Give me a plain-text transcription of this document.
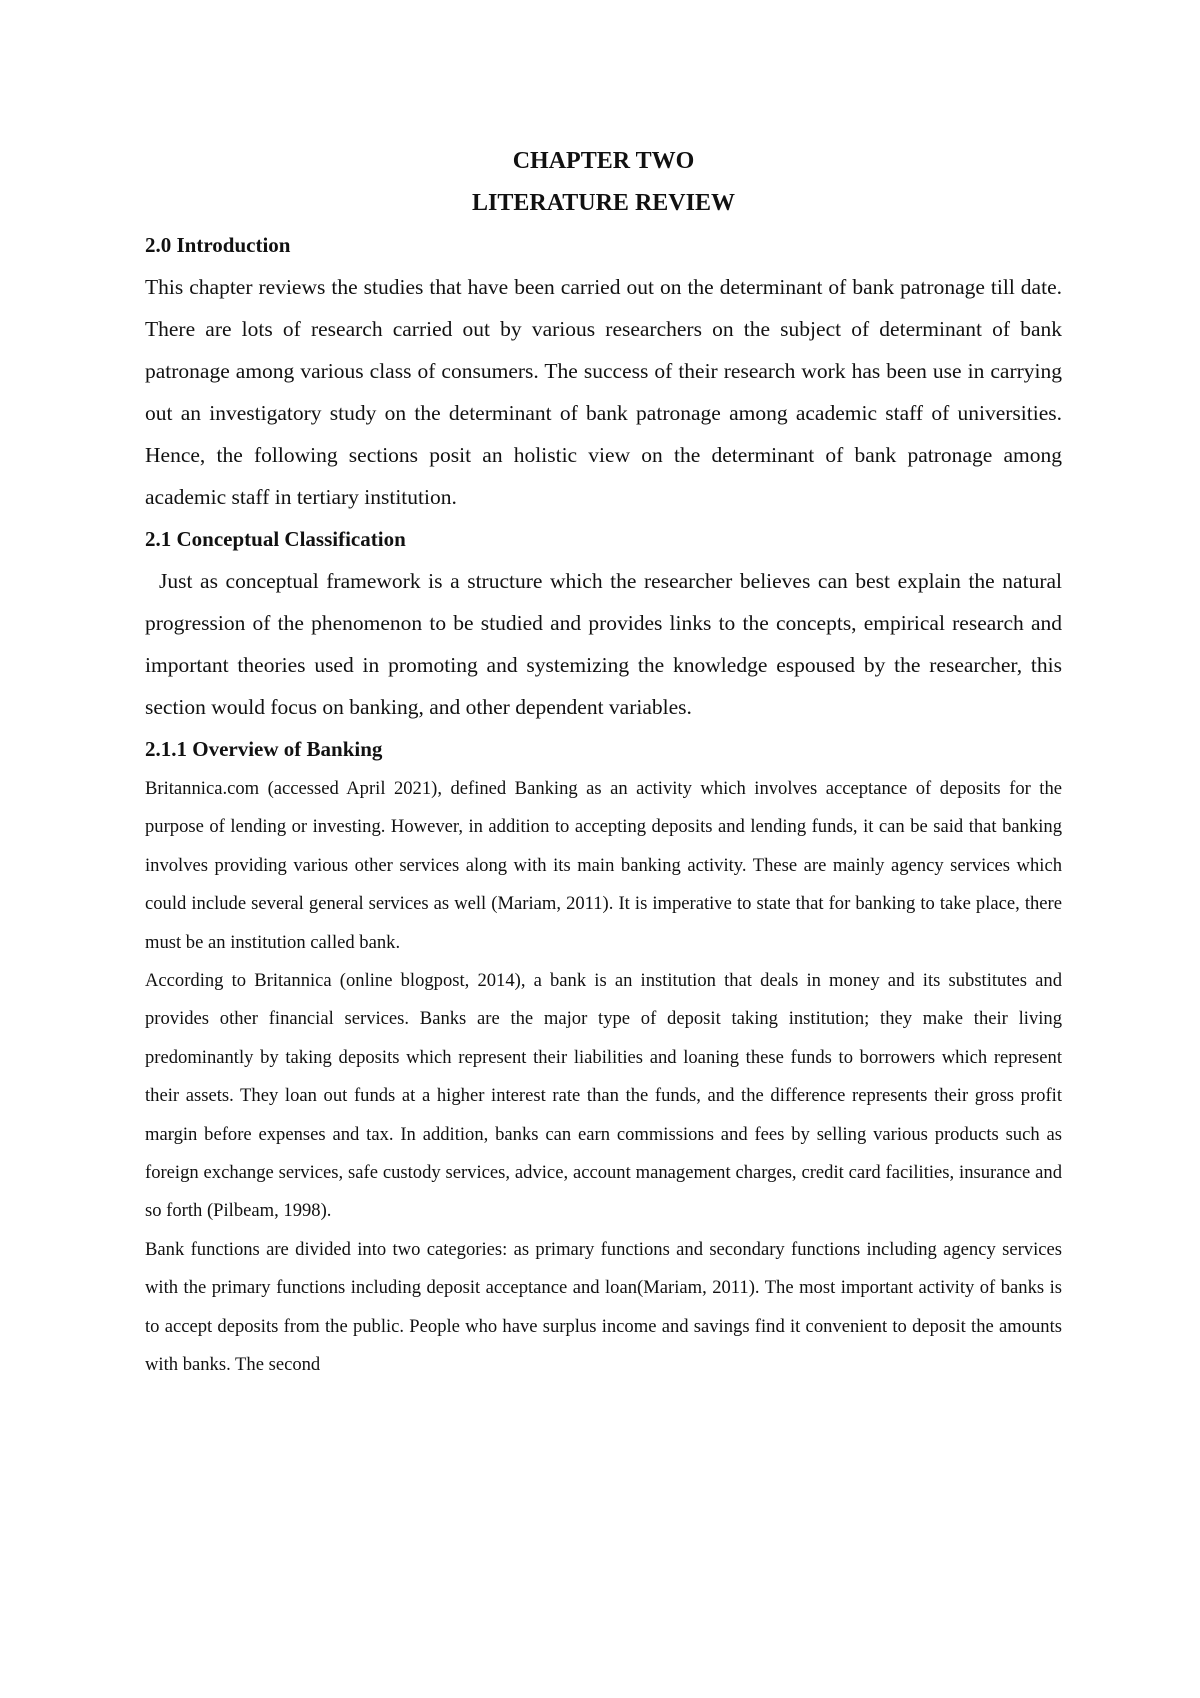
CHAPTER TWO
LITERATURE REVIEW
2.0 Introduction

This chapter reviews the studies that have been carried out on the determinant of bank patronage till date. There are lots of research carried out by various researchers on the subject of determinant of bank patronage among various class of consumers. The success of their research work has been use in carrying out an investigatory study on the determinant of bank patronage among academic staff of universities. Hence, the following sections posit an holistic view on the determinant of bank patronage among academic staff in tertiary institution.

2.1 Conceptual Classification

Just as conceptual framework is a structure which the researcher believes can best explain the natural progression of the phenomenon to be studied and provides links to the concepts, empirical research and important theories used in promoting and systemizing the knowledge espoused by the researcher, this section would focus on banking, and other dependent variables.

2.1.1 Overview of Banking

Britannica.com (accessed April 2021), defined Banking as an activity which involves acceptance of deposits for the purpose of lending or investing. However, in addition to accepting deposits and lending funds, it can be said that banking involves providing various other services along with its main banking activity. These are mainly agency services which could include several general services as well (Mariam, 2011). It is imperative to state that for banking to take place, there must be an institution called bank.

According to Britannica (online blogpost, 2014), a bank is an institution that deals in money and its substitutes and provides other financial services. Banks are the major type of deposit taking institution; they make their living predominantly by taking deposits which represent their liabilities and loaning these funds to borrowers which represent their assets. They loan out funds at a higher interest rate than the funds, and the difference represents their gross profit margin before expenses and tax. In addition, banks can earn commissions and fees by selling various products such as foreign exchange services, safe custody services, advice, account management charges, credit card facilities, insurance and so forth (Pilbeam, 1998).

Bank functions are divided into two categories: as primary functions and secondary functions including agency services with the primary functions including deposit acceptance and loan(Mariam, 2011). The most important activity of banks is to accept deposits from the public. People who have surplus income and savings find it convenient to deposit the amounts with banks. The second
